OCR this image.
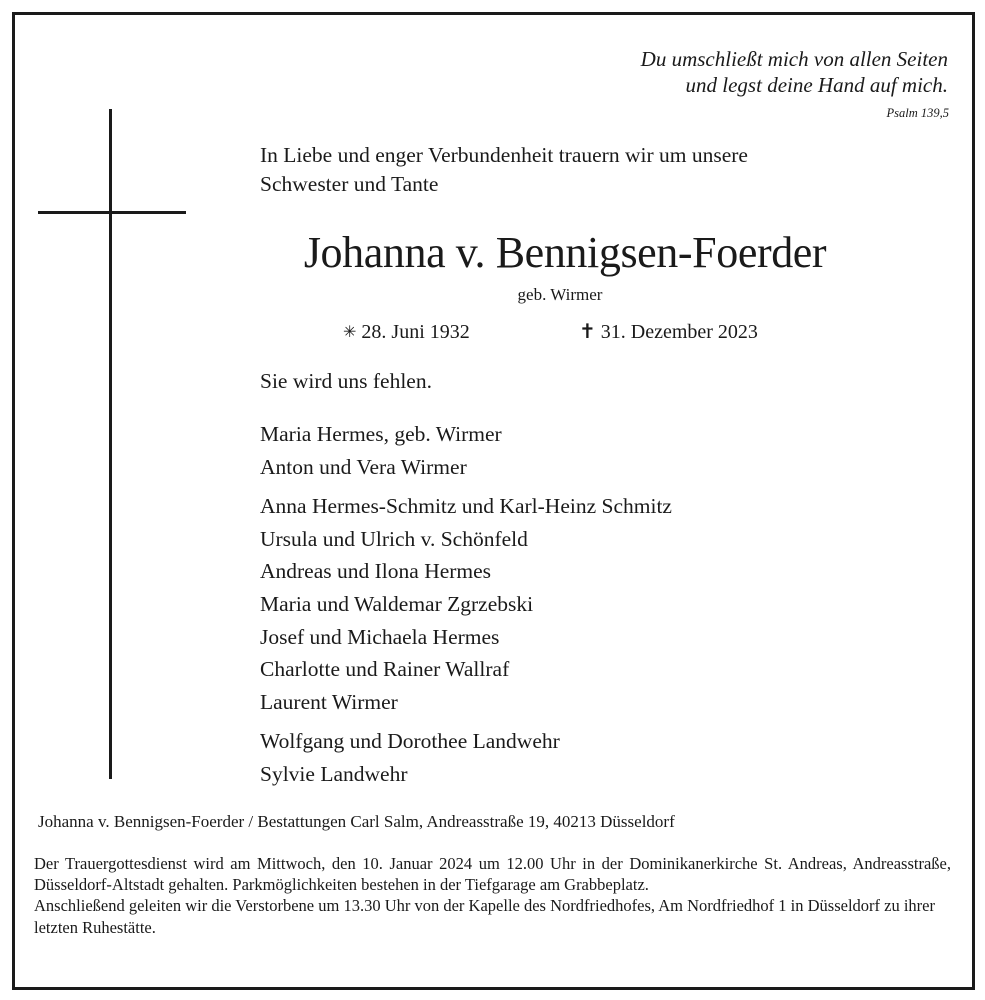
Du umschließt mich von allen Seiten
und legst deine Hand auf mich.
Psalm 139,5
In Liebe und enger Verbundenheit trauern wir um unsere
Schwester und Tante
Johanna v. Bennigsen-Foerder
geb. Wirmer
✳ 28. Juni 1932	✝ 31. Dezember 2023
Sie wird uns fehlen.
Maria Hermes, geb. Wirmer
Anton und Vera Wirmer
Anna Hermes-Schmitz und Karl-Heinz Schmitz
Ursula und Ulrich v. Schönfeld
Andreas und Ilona Hermes
Maria und Waldemar Zgrzebski
Josef und Michaela Hermes
Charlotte und Rainer Wallraf
Laurent Wirmer
Wolfgang und Dorothee Landwehr
Sylvie Landwehr
Johanna v. Bennigsen-Foerder / Bestattungen Carl Salm, Andreasstraße 19, 40213 Düsseldorf

Der Trauergottesdienst wird am Mittwoch, den 10. Januar 2024 um 12.00 Uhr in der Dominikanerkirche St. Andreas, Andreasstraße, Düsseldorf-Altstadt gehalten. Parkmöglichkeiten bestehen in der Tiefgarage am Grabbeplatz.

Anschließend geleiten wir die Verstorbene um 13.30 Uhr von der Kapelle des Nordfriedhofes, Am Nordfriedhof 1 in Düsseldorf zu ihrer letzten Ruhestätte.
